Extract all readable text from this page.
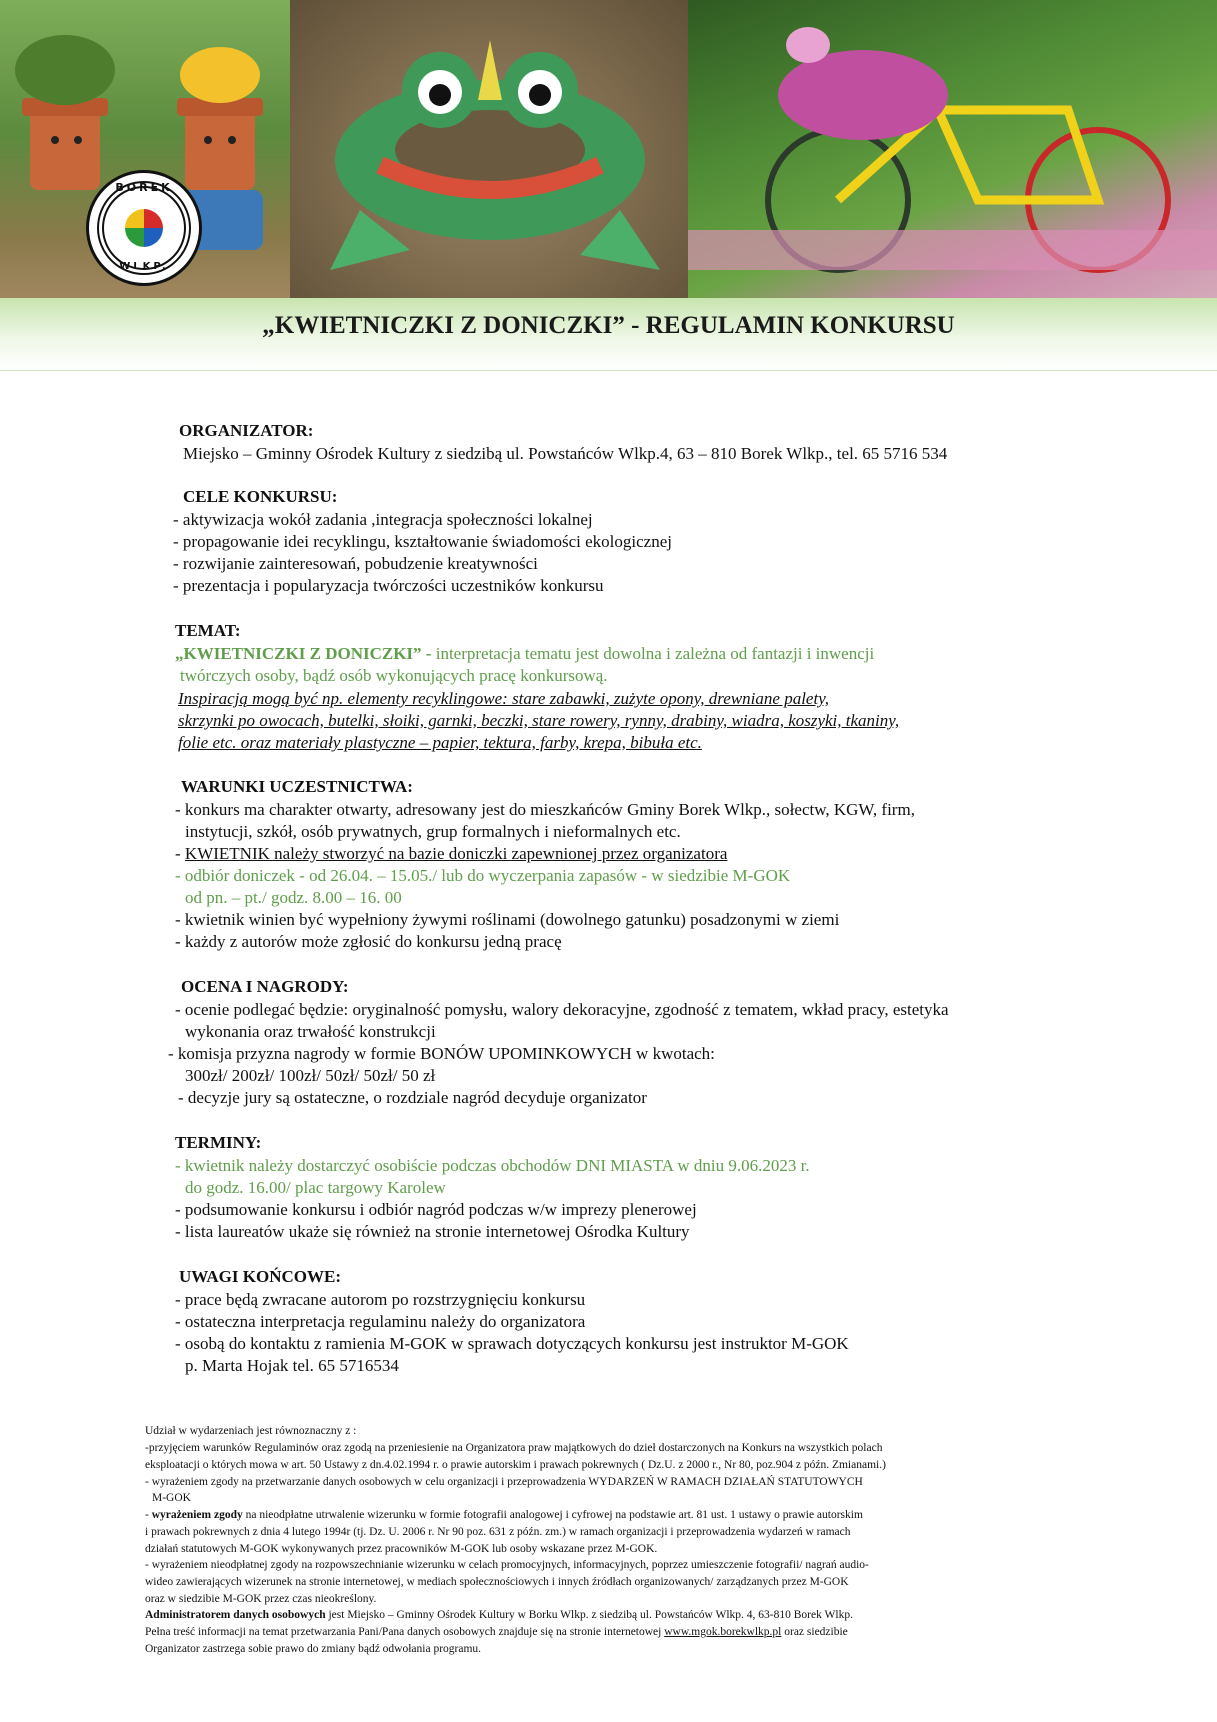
BOREK
WLKP.
„KWIETNICZKI Z DONICZKI” - REGULAMIN KONKURSU
ORGANIZATOR:
Miejsko – Gminny Ośrodek Kultury z siedzibą ul. Powstańców Wlkp.4, 63 – 810 Borek Wlkp., tel. 65 5716 534
CELE KONKURSU:
- aktywizacja wokół zadania ,integracja społeczności lokalnej
- propagowanie idei recyklingu, kształtowanie świadomości ekologicznej
- rozwijanie zainteresowań, pobudzenie kreatywności
- prezentacja i popularyzacja twórczości uczestników konkursu
TEMAT:
„KWIETNICZKI Z DONICZKI” - interpretacja tematu jest dowolna i zależna od fantazji i inwencji
twórczych osoby, bądź osób wykonujących pracę konkursową.
Inspiracją mogą być np. elementy recyklingowe: stare zabawki, zużyte opony, drewniane palety,
skrzynki po owocach, butelki, słoiki, garnki, beczki, stare rowery, rynny, drabiny, wiadra, koszyki, tkaniny,
folie etc. oraz materiały plastyczne – papier, tektura, farby, krepa, bibuła etc.
WARUNKI UCZESTNICTWA:
- konkurs ma charakter otwarty, adresowany jest do mieszkańców Gminy Borek Wlkp., sołectw, KGW, firm,
instytucji, szkół, osób prywatnych, grup formalnych i nieformalnych etc.
- KWIETNIK należy stworzyć na bazie doniczki zapewnionej przez organizatora
- odbiór doniczek - od 26.04. – 15.05./ lub do wyczerpania zapasów - w siedzibie M-GOK
od pn. – pt./ godz. 8.00 – 16. 00
- kwietnik winien być wypełniony żywymi roślinami (dowolnego gatunku) posadzonymi w ziemi
- każdy z autorów może zgłosić do konkursu jedną pracę
OCENA I NAGRODY:
- ocenie podlegać będzie: oryginalność pomysłu, walory dekoracyjne, zgodność z tematem, wkład pracy, estetyka
wykonania oraz trwałość konstrukcji
- komisja przyzna nagrody w formie BONÓW UPOMINKOWYCH w kwotach:
300zł/ 200zł/ 100zł/ 50zł/ 50zł/ 50 zł
- decyzje jury są ostateczne, o rozdziale nagród decyduje organizator
TERMINY:
- kwietnik należy dostarczyć osobiście podczas obchodów DNI MIASTA w dniu 9.06.2023 r.
do godz. 16.00/ plac targowy Karolew
- podsumowanie konkursu i odbiór nagród podczas w/w imprezy plenerowej
- lista laureatów ukaże się również na stronie internetowej Ośrodka Kultury
UWAGI KOŃCOWE:
- prace będą zwracane autorom po rozstrzygnięciu konkursu
- ostateczna interpretacja regulaminu należy do organizatora
- osobą do kontaktu z ramienia M-GOK w sprawach dotyczących konkursu jest instruktor M-GOK
p. Marta Hojak tel. 65 5716534
Udział w wydarzeniach jest równoznaczny z :
-przyjęciem warunków Regulaminów oraz zgodą na przeniesienie na Organizatora praw majątkowych do dzieł dostarczonych na Konkurs na wszystkich polach
eksploatacji o których mowa w art. 50 Ustawy z dn.4.02.1994 r. o prawie autorskim i prawach pokrewnych ( Dz.U. z 2000 r., Nr 80, poz.904 z późn. Zmianami.)
- wyrażeniem zgody na przetwarzanie danych osobowych w celu organizacji i przeprowadzenia WYDARZEŃ W RAMACH DZIAŁAŃ STATUTOWYCH
M-GOK
- wyrażeniem zgody na nieodpłatne utrwalenie wizerunku w formie fotografii analogowej i cyfrowej na podstawie art. 81 ust. 1 ustawy o prawie autorskim
i prawach pokrewnych z dnia 4 lutego 1994r (tj. Dz. U. 2006 r. Nr 90 poz. 631 z późn. zm.) w ramach organizacji i przeprowadzenia wydarzeń w ramach
działań statutowych M-GOK wykonywanych przez pracowników M-GOK lub osoby wskazane przez M-GOK.
- wyrażeniem nieodpłatnej zgody na rozpowszechnianie wizerunku w celach promocyjnych, informacyjnych, poprzez umieszczenie fotografii/ nagrań audio-
wideo zawierających wizerunek na stronie internetowej, w mediach społecznościowych i innych źródłach organizowanych/ zarządzanych przez M-GOK
oraz w siedzibie M-GOK przez czas nieokreślony.
Administratorem danych osobowych jest Miejsko – Gminny Ośrodek Kultury w Borku Wlkp. z siedzibą ul. Powstańców Wlkp. 4, 63-810 Borek Wlkp.
Pełna treść informacji na temat przetwarzania Pani/Pana danych osobowych znajduje się na stronie internetowej www.mgok.borekwlkp.pl oraz siedzibie
Organizator zastrzega sobie prawo do zmiany bądź odwołania programu.
